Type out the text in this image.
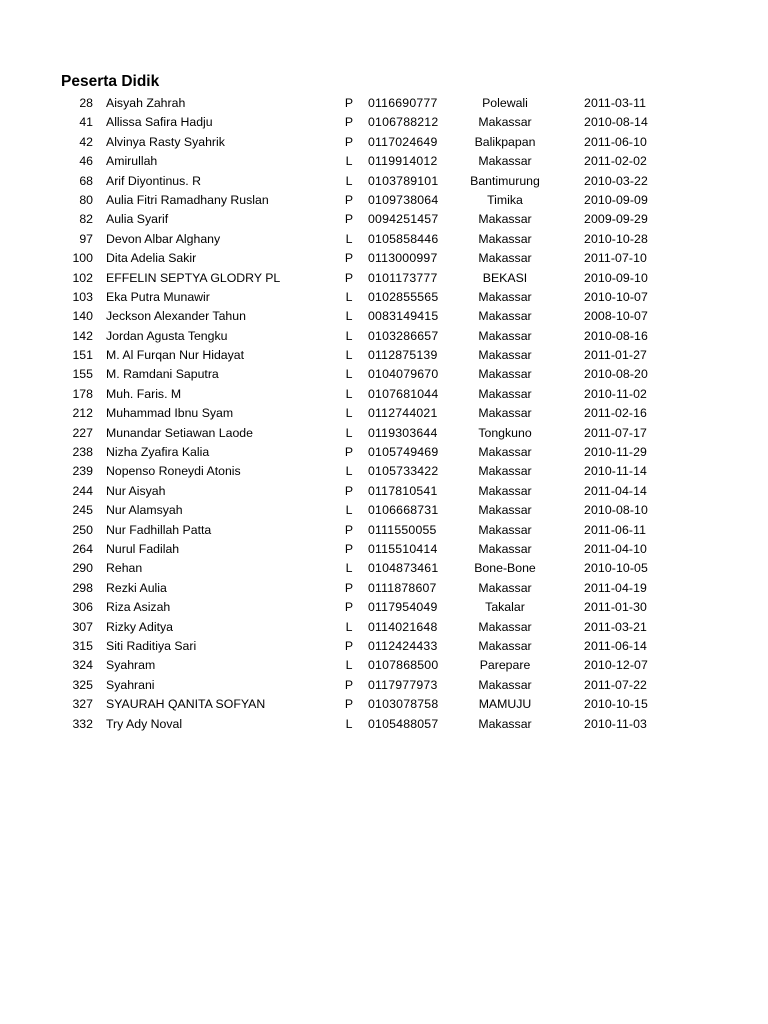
Peserta Didik
28 Aisyah Zahrah	P 0116690777	Polewali	2011-03-11
41 Allissa Safira Hadju	P 0106788212	Makassar	2010-08-14
42 Alvinya Rasty Syahrik	P 0117024649	Balikpapan	2011-06-10
46 Amirullah	L 0119914012	Makassar	2011-02-02
68 Arif Diyontinus. R	L 0103789101	Bantimurung	2010-03-22
80 Aulia Fitri Ramadhany Ruslan	P 0109738064	Timika	2010-09-09
82 Aulia Syarif	P 0094251457	Makassar	2009-09-29
97 Devon Albar Alghany	L 0105858446	Makassar	2010-10-28
100 Dita Adelia Sakir	P 0113000997	Makassar	2011-07-10
102 EFFELIN SEPTYA GLODRY PL	P 0101173777	BEKASI	2010-09-10
103 Eka Putra Munawir	L 0102855565	Makassar	2010-10-07
140 Jeckson Alexander Tahun	L 0083149415	Makassar	2008-10-07
142 Jordan Agusta Tengku	L 0103286657	Makassar	2010-08-16
151 M. Al Furqan Nur Hidayat	L 0112875139	Makassar	2011-01-27
155 M. Ramdani Saputra	L 0104079670	Makassar	2010-08-20
178 Muh. Faris. M	L 0107681044	Makassar	2010-11-02
212 Muhammad Ibnu Syam	L 0112744021	Makassar	2011-02-16
227 Munandar Setiawan Laode	L 0119303644	Tongkuno	2011-07-17
238 Nizha Zyafira Kalia	P 0105749469	Makassar	2010-11-29
239 Nopenso Roneydi Atonis	L 0105733422	Makassar	2010-11-14
244 Nur Aisyah	P 0117810541	Makassar	2011-04-14
245 Nur Alamsyah	L 0106668731	Makassar	2010-08-10
250 Nur Fadhillah Patta	P 0111550055	Makassar	2011-06-11
264 Nurul Fadilah	P 0115510414	Makassar	2011-04-10
290 Rehan	L 0104873461	Bone-Bone	2010-10-05
298 Rezki Aulia	P 0111878607	Makassar	2011-04-19
306 Riza Asizah	P 0117954049	Takalar	2011-01-30
307 Rizky Aditya	L 0114021648	Makassar	2011-03-21
315 Siti Raditiya Sari	P 0112424433	Makassar	2011-06-14
324 Syahram	L 0107868500	Parepare	2010-12-07
325 Syahrani	P 0117977973	Makassar	2011-07-22
327 SYAURAH QANITA SOFYAN	P 0103078758	MAMUJU	2010-10-15
332 Try Ady Noval	L 0105488057	Makassar	2010-11-03
